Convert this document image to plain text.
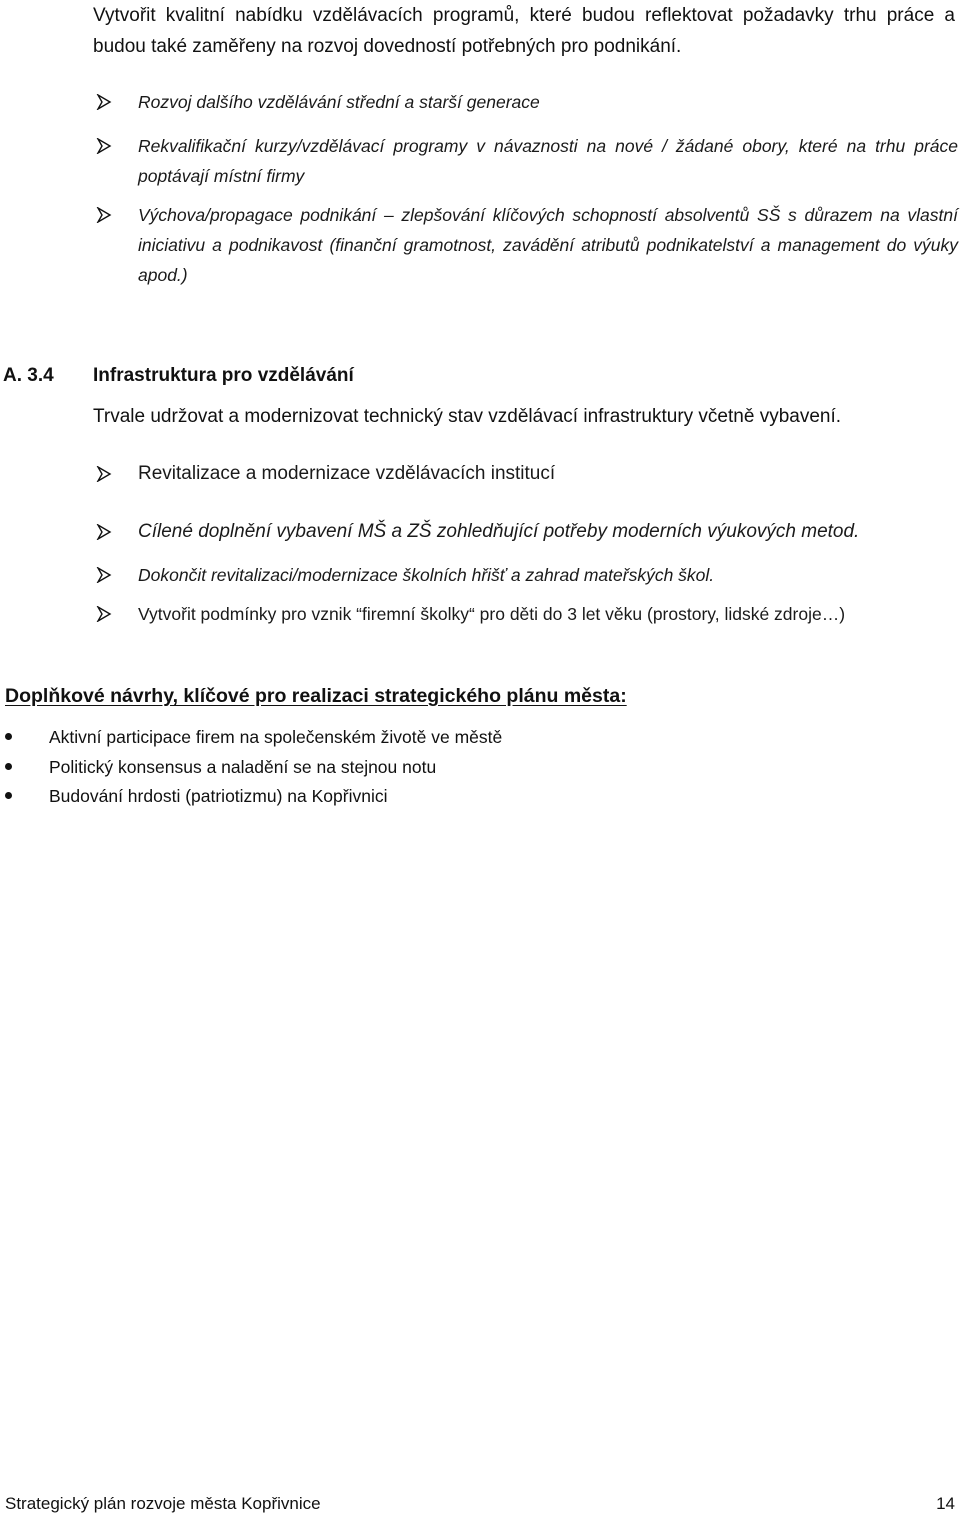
Vytvořit kvalitní nabídku vzdělávacích programů, které budou reflektovat požadavky trhu práce a budou také zaměřeny na rozvoj dovedností potřebných pro podnikání.
Rozvoj dalšího vzdělávání střední a starší generace
Rekvalifikační kurzy/vzdělávací programy v návaznosti na nové / žádané obory, které na trhu práce poptávají místní firmy
Výchova/propagace podnikání – zlepšování klíčových schopností absolventů SŠ s důrazem na vlastní iniciativu a podnikavost (finanční gramotnost, zavádění atributů podnikatelství a management do výuky apod.)
A. 3.4 Infrastruktura pro vzdělávání
Trvale udržovat a modernizovat technický stav vzdělávací infrastruktury včetně vybavení.
Revitalizace a modernizace vzdělávacích institucí
Cílené doplnění vybavení MŠ a ZŠ zohledňující potřeby moderních výukových metod.
Dokončit revitalizaci/modernizace školních hřišť a zahrad mateřských škol.
Vytvořit podmínky pro vznik “firemní školky“ pro děti do 3 let věku (prostory, lidské zdroje…)
Doplňkové návrhy, klíčové pro realizaci strategického plánu města:
Aktivní participace firem na společenském životě ve městě
Politický konsensus a naladění se na stejnou notu
Budování hrdosti (patriotizmu) na Kopřivnici
Strategický plán rozvoje města Kopřivnice	14
